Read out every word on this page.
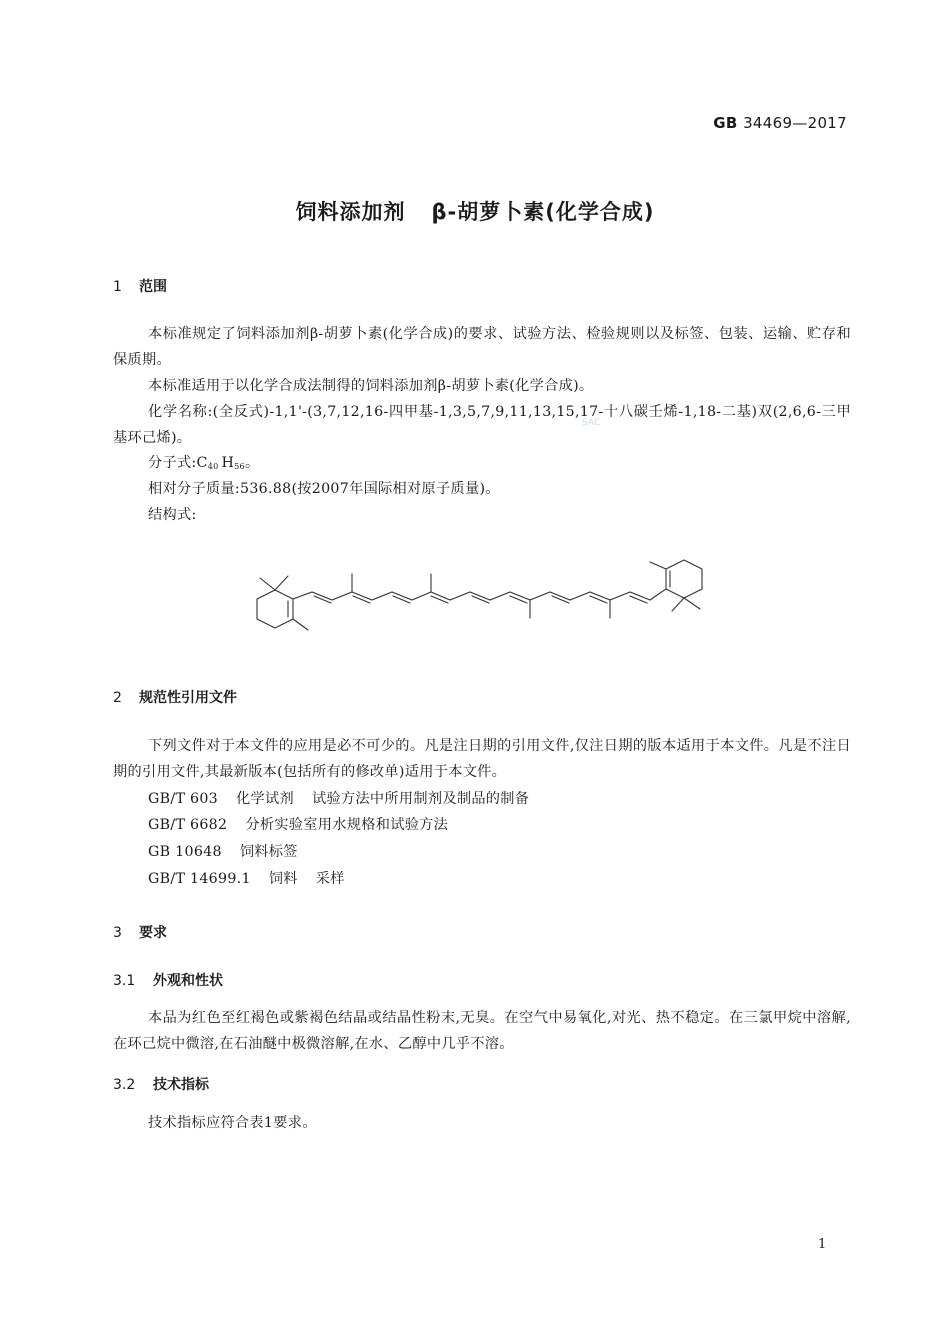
GB 34469—2017
饲料添加剂 β-胡萝卜素(化学合成)
1 范围
本标准规定了饲料添加剂β-胡萝卜素(化学合成)的要求、试验方法、检验规则以及标签、包装、运输、贮存和保质期。
本标准适用于以化学合成法制得的饲料添加剂β-胡萝卜素(化学合成)。
化学名称:(全反式)-1,1'-(3,7,12,16-四甲基-1,3,5,7,9,11,13,15,17-十八碳壬烯-1,18-二基)双(2,6,6-三甲基环己烯)。
分子式$:C_{40}$ $H_{56}$。
相对分子质量:536.88(按2007年国际相对原子质量)。
结构式:
2 规范性引用文件
下列文件对于本文件的应用是必不可少的。凡是注日期的引用文件,仅注日期的版本适用于本文件。凡是不注日期的引用文件,其最新版本(包括所有的修改单)适用于本文件。
GB/T 603 化学试剂 试验方法中所用制剂及制品的制备
GB/T 6682 分析实验室用水规格和试验方法
GB 10648 饲料标签
GB/T 14699.1 饲料 采样
3 要求
3.1 外观和性状
本品为红色至红褐色或紫褐色结晶或结晶性粉末,无臭。在空气中易氧化,对光、热不稳定。在三氯甲烷中溶解,在环己烷中微溶,在石油醚中极微溶解,在水、乙醇中几乎不溶。
3.2 技术指标
技术指标应符合表1要求。
SAC
1
